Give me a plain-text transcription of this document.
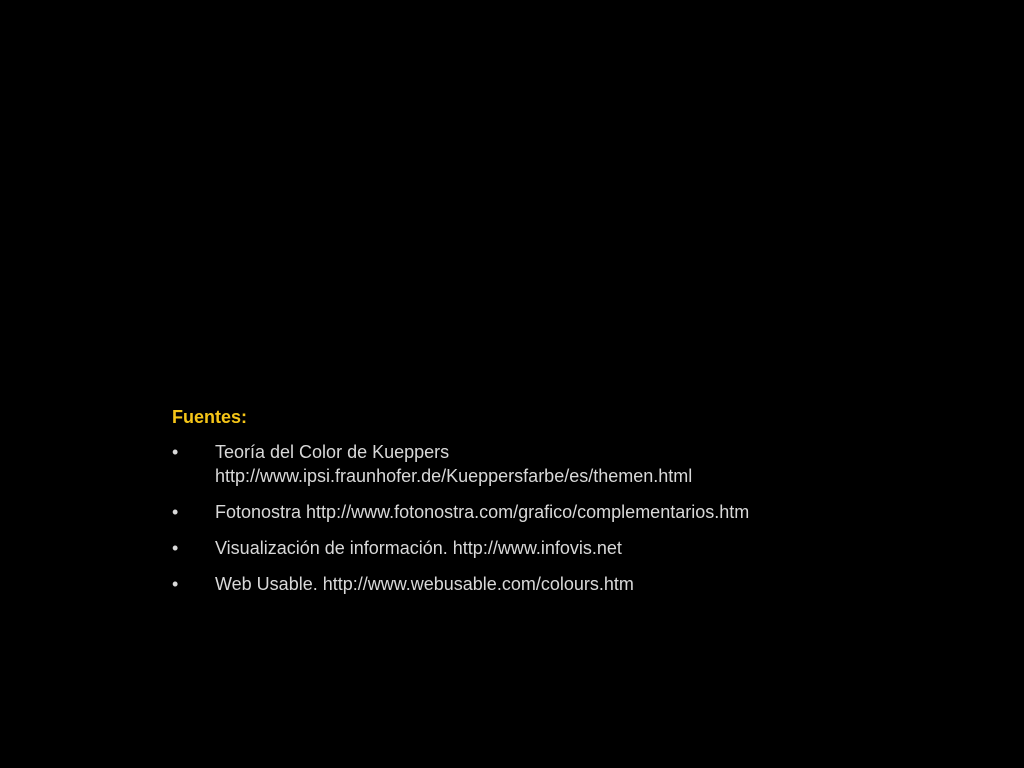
Fuentes:
• Teoría del Color de Kueppers
http://www.ipsi.fraunhofer.de/Kueppersfarbe/es/themen.html
• Fotonostra http://www.fotonostra.com/grafico/complementarios.htm
• Visualización de información. http://www.infovis.net
• Web Usable. http://www.webusable.com/colours.htm
